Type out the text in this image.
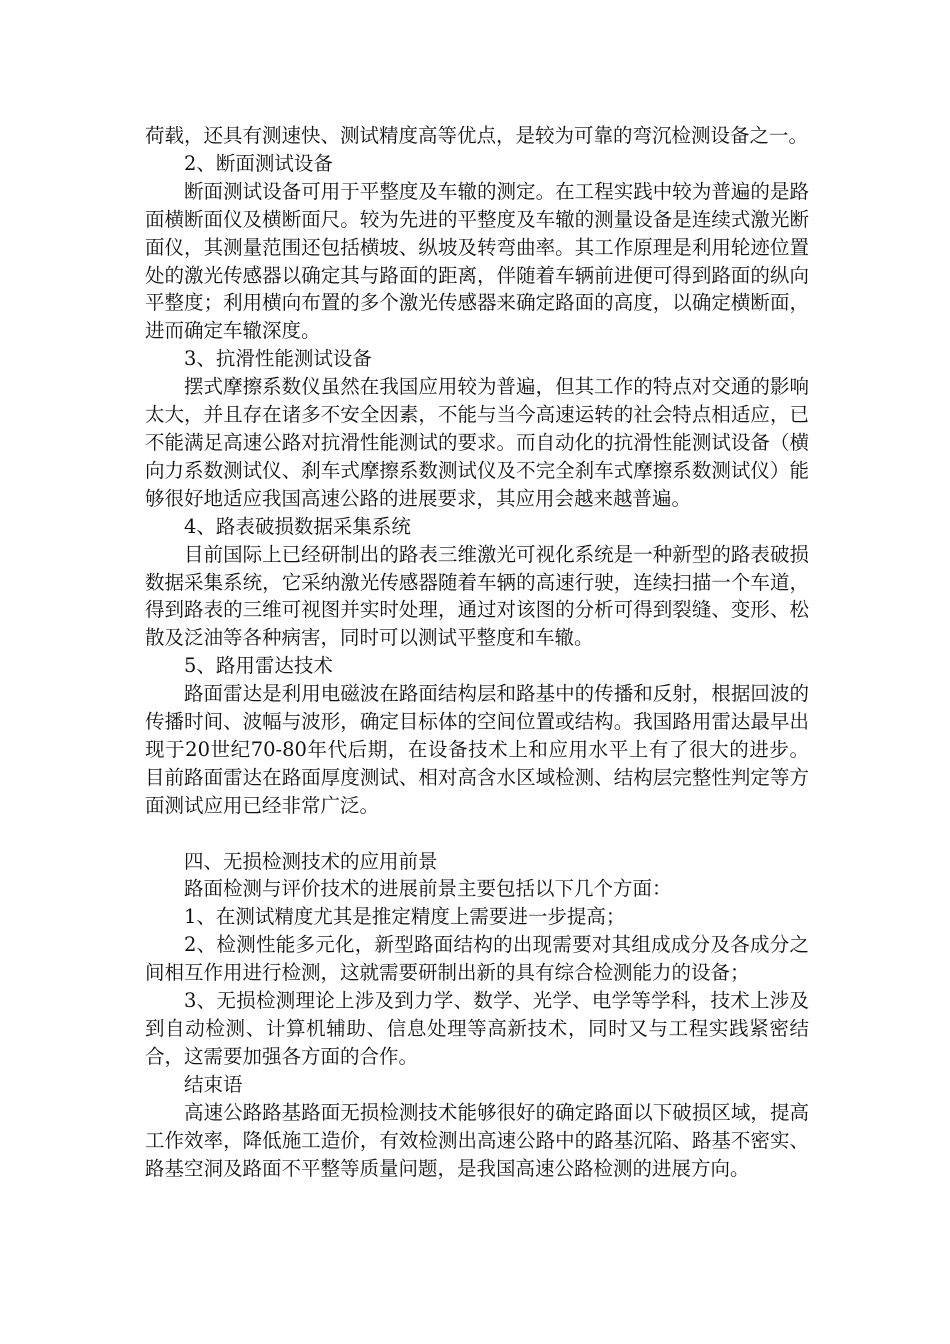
荷载，还具有测速快、测试精度高等优点，是较为可靠的弯沉检测设备之一。

2、断面测试设备

断面测试设备可用于平整度及车辙的测定。在工程实践中较为普遍的是路面横断面仪及横断面尺。较为先进的平整度及车辙的测量设备是连续式激光断面仪，其测量范围还包括横坡、纵坡及转弯曲率。其工作原理是利用轮迹位置处的激光传感器以确定其与路面的距离，伴随着车辆前进便可得到路面的纵向平整度；利用横向布置的多个激光传感器来确定路面的高度，以确定横断面，进而确定车辙深度。

3、抗滑性能测试设备

摆式摩擦系数仪虽然在我国应用较为普遍，但其工作的特点对交通的影响太大，并且存在诸多不安全因素，不能与当今高速运转的社会特点相适应，已不能满足高速公路对抗滑性能测试的要求。而自动化的抗滑性能测试设备（横向力系数测试仪、刹车式摩擦系数测试仪及不完全刹车式摩擦系数测试仪）能够很好地适应我国高速公路的进展要求，其应用会越来越普遍。

4、路表破损数据采集系统

目前国际上已经研制出的路表三维激光可视化系统是一种新型的路表破损数据采集系统，它采纳激光传感器随着车辆的高速行驶，连续扫描一个车道，得到路表的三维可视图并实时处理，通过对该图的分析可得到裂缝、变形、松散及泛油等各种病害，同时可以测试平整度和车辙。

5、路用雷达技术

路面雷达是利用电磁波在路面结构层和路基中的传播和反射，根据回波的传播时间、波幅与波形，确定目标体的空间位置或结构。我国路用雷达最早出现于20世纪70-80年代后期，在设备技术上和应用水平上有了很大的进步。目前路面雷达在路面厚度测试、相对高含水区域检测、结构层完整性判定等方面测试应用已经非常广泛。

四、无损检测技术的应用前景

路面检测与评价技术的进展前景主要包括以下几个方面：

1、在测试精度尤其是推定精度上需要进一步提高；

2、检测性能多元化，新型路面结构的出现需要对其组成成分及各成分之间相互作用进行检测，这就需要研制出新的具有综合检测能力的设备；

3、无损检测理论上涉及到力学、数学、光学、电学等学科，技术上涉及到自动检测、计算机辅助、信息处理等高新技术，同时又与工程实践紧密结合，这需要加强各方面的合作。

结束语

高速公路路基路面无损检测技术能够很好的确定路面以下破损区域，提高工作效率，降低施工造价，有效检测出高速公路中的路基沉陷、路基不密实、路基空洞及路面不平整等质量问题，是我国高速公路检测的进展方向。
